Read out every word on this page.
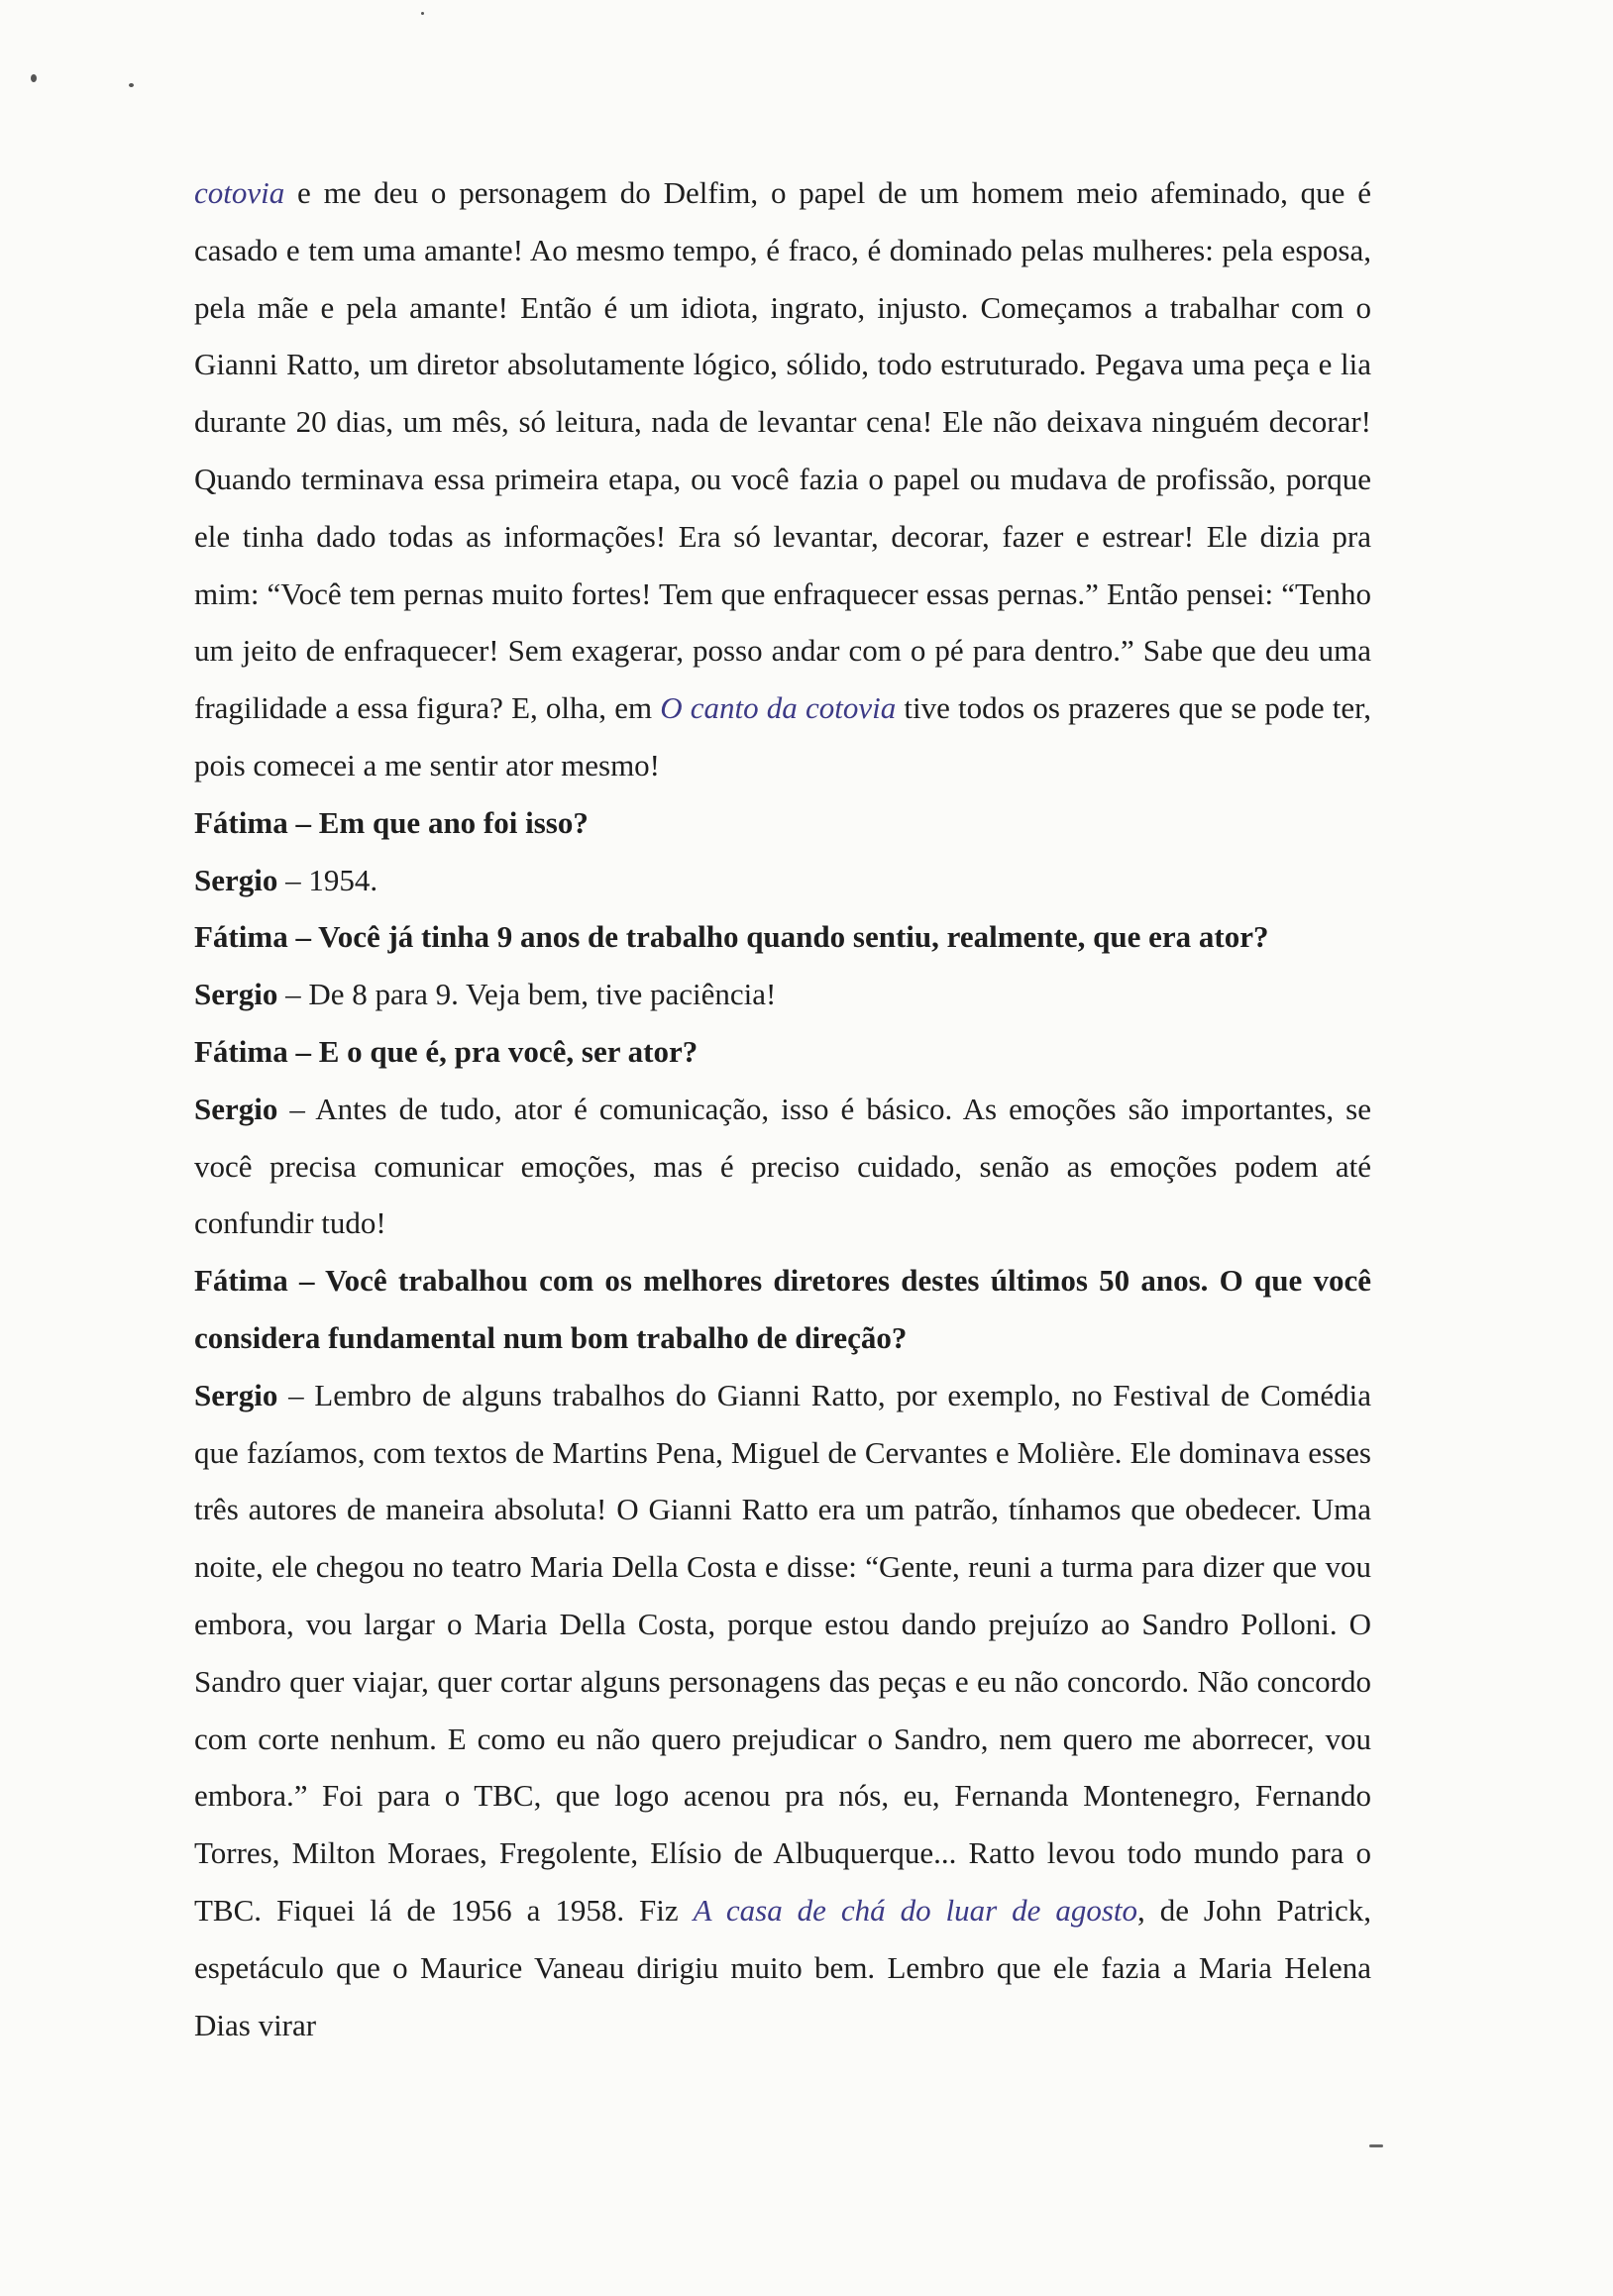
cotovia e me deu o personagem do Delfim, o papel de um homem meio afeminado, que é casado e tem uma amante! Ao mesmo tempo, é fraco, é dominado pelas mulheres: pela esposa, pela mãe e pela amante! Então é um idiota, ingrato, injusto. Começamos a trabalhar com o Gianni Ratto, um diretor absolutamente lógico, sólido, todo estruturado. Pegava uma peça e lia durante 20 dias, um mês, só leitura, nada de levantar cena! Ele não deixava ninguém decorar! Quando terminava essa primeira etapa, ou você fazia o papel ou mudava de profissão, porque ele tinha dado todas as informações! Era só levantar, decorar, fazer e estrear! Ele dizia pra mim: “Você tem pernas muito fortes! Tem que enfraquecer essas pernas.” Então pensei: “Tenho um jeito de enfraquecer! Sem exagerar, posso andar com o pé para dentro.” Sabe que deu uma fragilidade a essa figura? E, olha, em O canto da cotovia tive todos os prazeres que se pode ter, pois comecei a me sentir ator mesmo!

Fátima – Em que ano foi isso?

Sergio – 1954.

Fátima – Você já tinha 9 anos de trabalho quando sentiu, realmente, que era ator?

Sergio – De 8 para 9. Veja bem, tive paciência!

Fátima – E o que é, pra você, ser ator?

Sergio – Antes de tudo, ator é comunicação, isso é básico. As emoções são importantes, se você precisa comunicar emoções, mas é preciso cuidado, senão as emoções podem até confundir tudo!

Fátima – Você trabalhou com os melhores diretores destes últimos 50 anos. O que você considera fundamental num bom trabalho de direção?

Sergio – Lembro de alguns trabalhos do Gianni Ratto, por exemplo, no Festival de Comédia que fazíamos, com textos de Martins Pena, Miguel de Cervantes e Molière. Ele dominava esses três autores de maneira absoluta! O Gianni Ratto era um patrão, tínhamos que obedecer. Uma noite, ele chegou no teatro Maria Della Costa e disse: “Gente, reuni a turma para dizer que vou embora, vou largar o Maria Della Costa, porque estou dando prejuízo ao Sandro Polloni. O Sandro quer viajar, quer cortar alguns personagens das peças e eu não concordo. Não concordo com corte nenhum. E como eu não quero prejudicar o Sandro, nem quero me aborrecer, vou embora.” Foi para o TBC, que logo acenou pra nós, eu, Fernanda Montenegro, Fernando Torres, Milton Moraes, Fregolente, Elísio de Albuquerque... Ratto levou todo mundo para o TBC. Fiquei lá de 1956 a 1958. Fiz A casa de chá do luar de agosto, de John Patrick, espetáculo que o Maurice Vaneau dirigiu muito bem. Lembro que ele fazia a Maria Helena Dias virar
